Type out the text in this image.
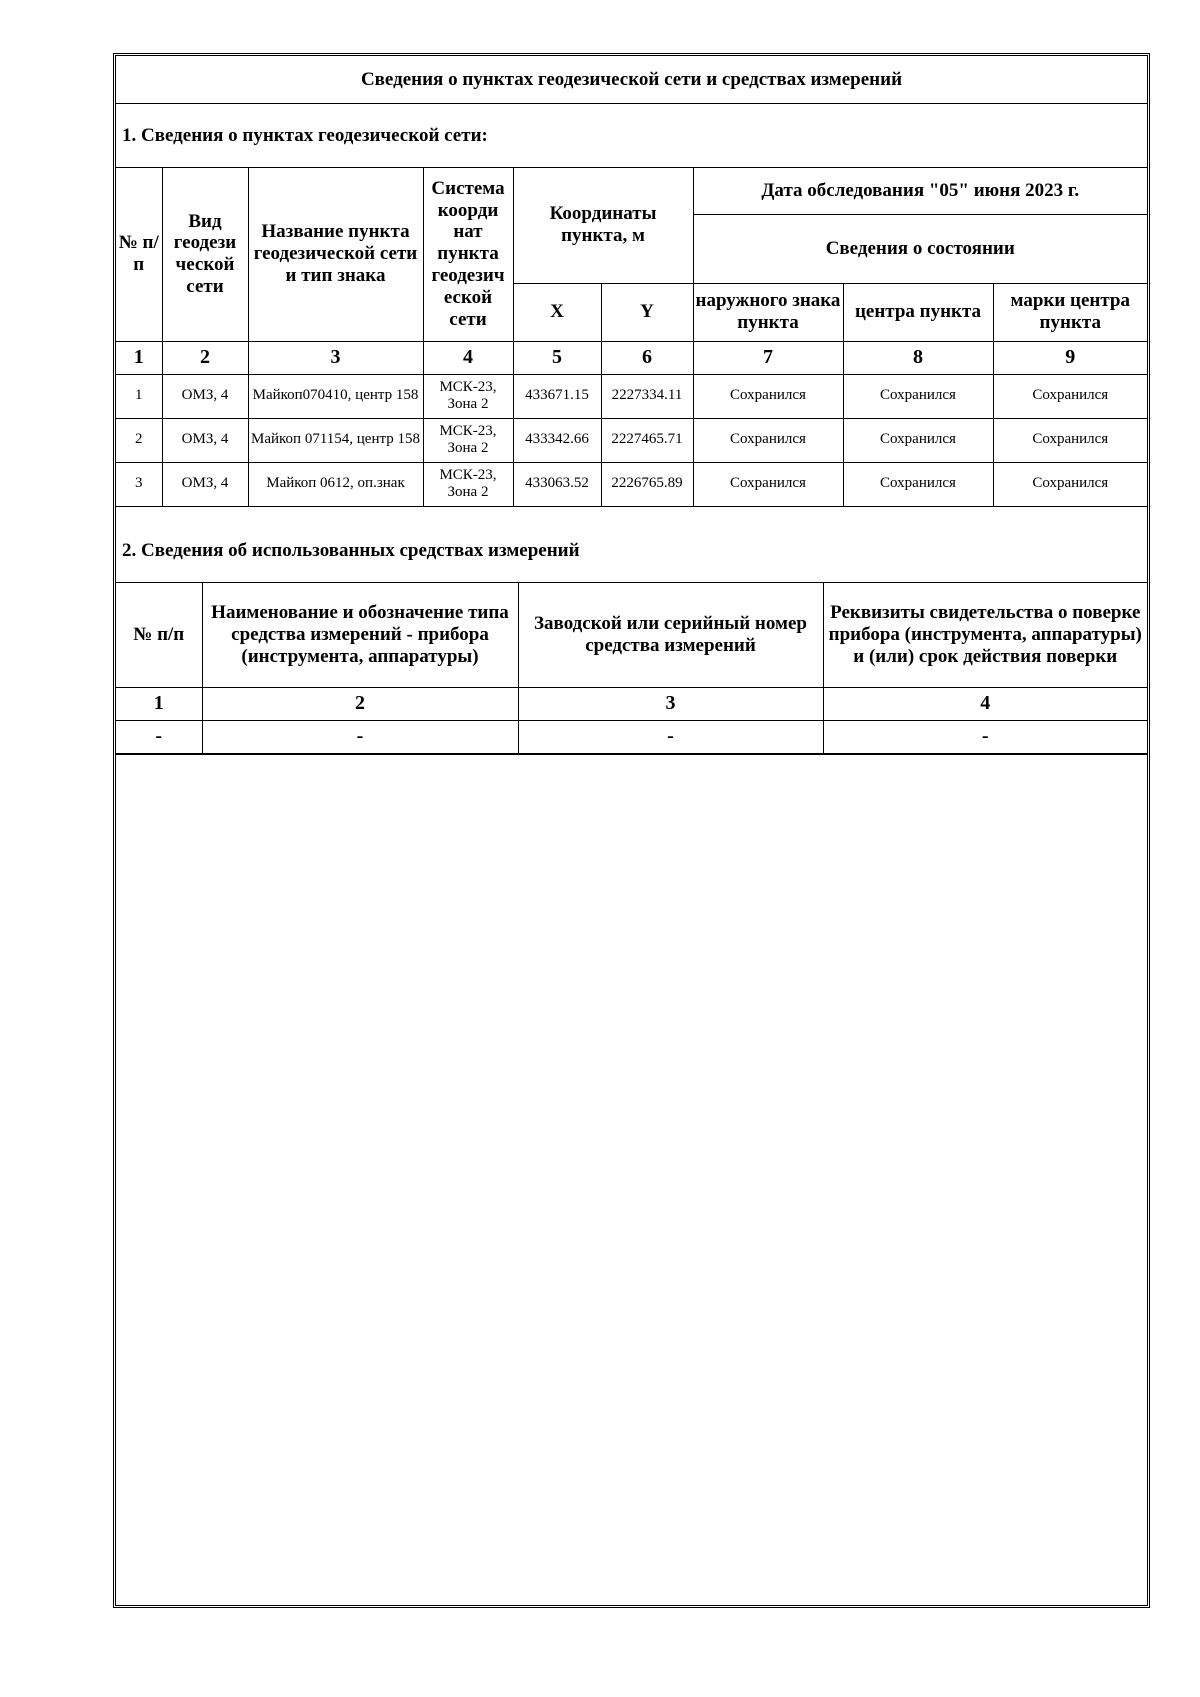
Сведения о пунктах геодезической сети и средствах измерений
1. Сведения о пунктах геодезической сети:
№ п/п	Вид геодези ческой сети	Название пункта геодезической сети и тип знака	Система коорди нат пункта геодезич еской сети	Координаты пункта, м		Дата обследования "05" июня 2023 г.		
						Сведения о состоянии		
				X	Y	наружного знака пункта	центра пункта	марки центра пункта
1	2	3	4	5	6	7	8	9
1	ОМЗ, 4	Майкоп070410, центр 158	МСК-23, Зона 2	433671.15	2227334.11	Сохранился	Сохранился	Сохранился
2	ОМЗ, 4	Майкоп 071154, центр 158	МСК-23, Зона 2	433342.66	2227465.71	Сохранился	Сохранился	Сохранился
3	ОМЗ, 4	Майкоп 0612, оп.знак	МСК-23, Зона 2	433063.52	2226765.89	Сохранился	Сохранился	Сохранился
2. Сведения об использованных средствах измерений
№ п/п	Наименование и обозначение типа средства измерений - прибора (инструмента, аппаратуры)	Заводской или серийный номер средства измерений	Реквизиты свидетельства о поверке прибора (инструмента, аппаратуры) и (или) срок действия поверки
1	2	3	4
-	-	-	-
